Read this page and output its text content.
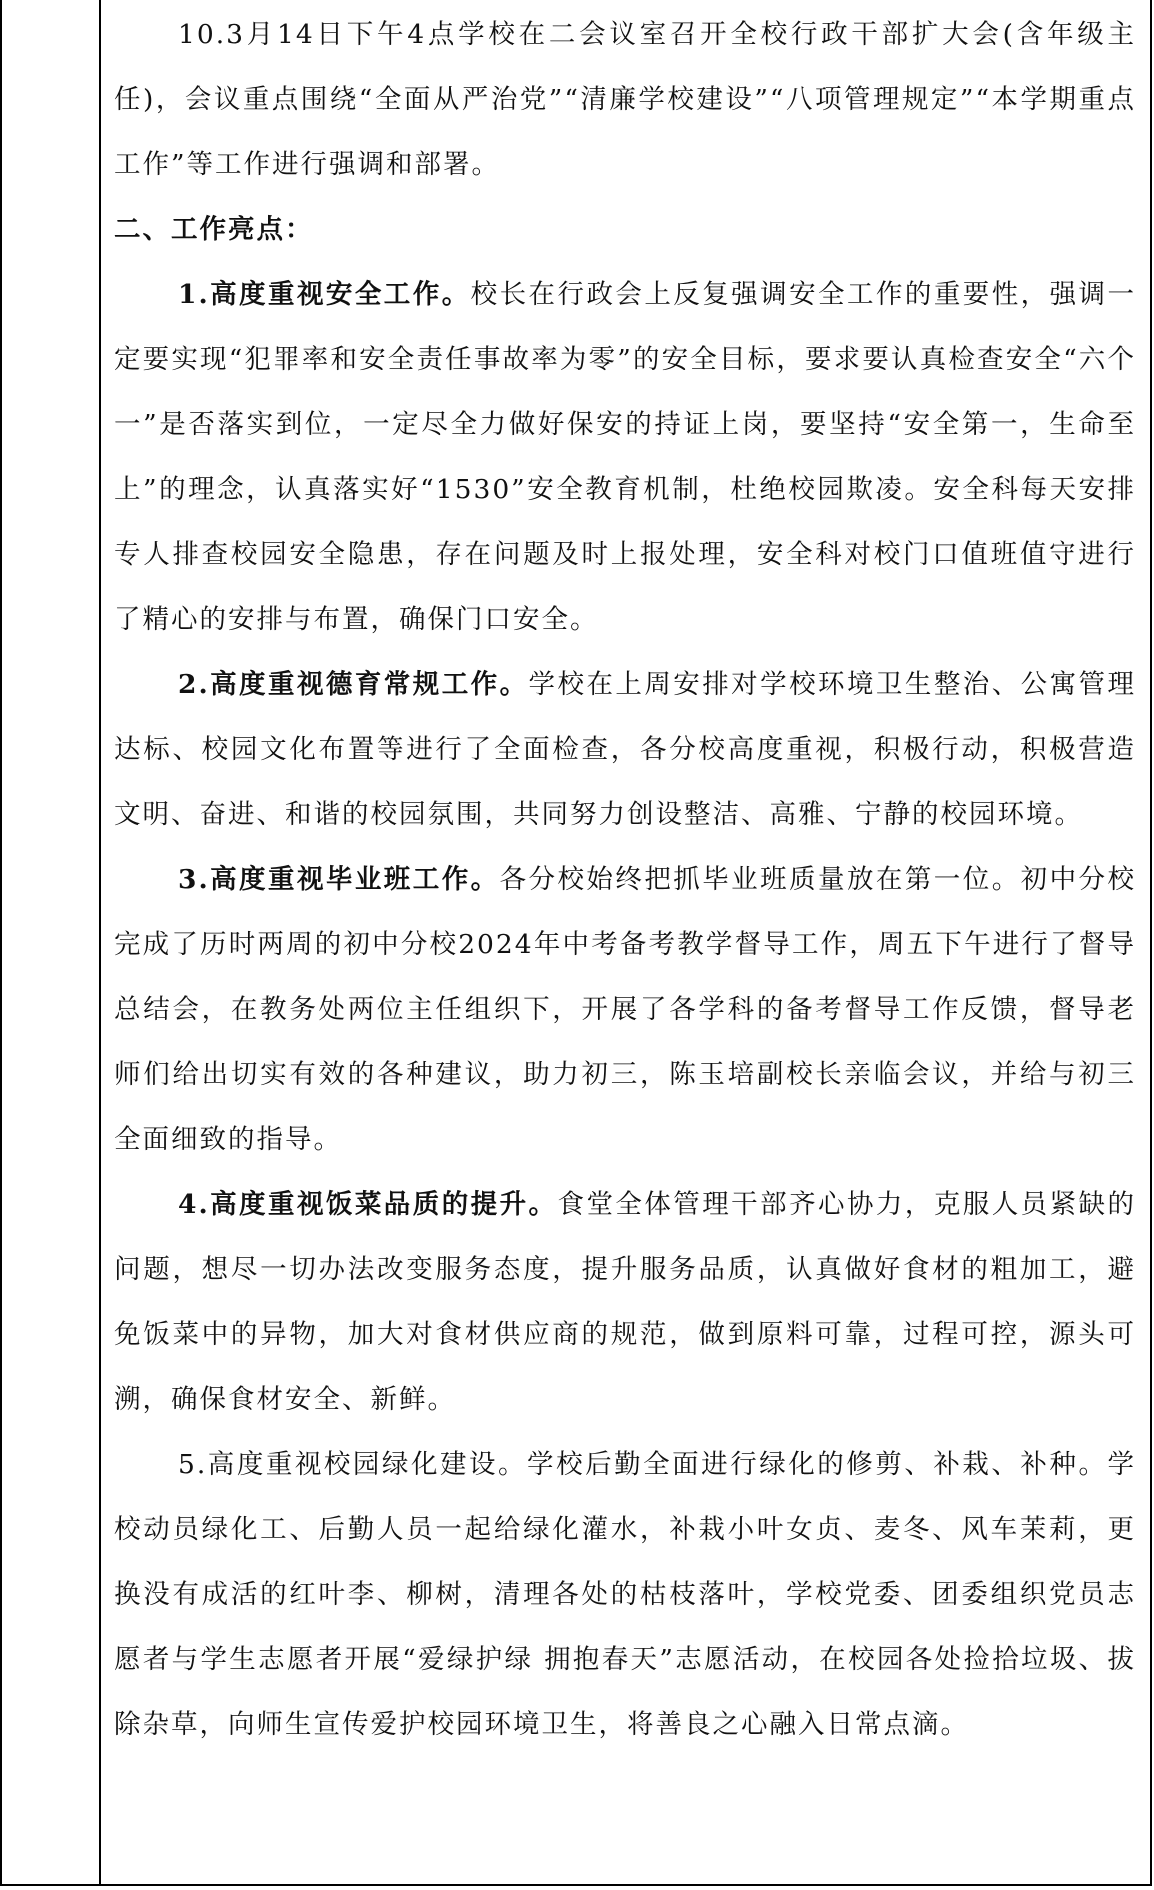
10.3月14日下午4点学校在二会议室召开全校行政干部扩大会(含年级主任)，会议重点围绕“全面从严治党”“清廉学校建设”“八项管理规定”“本学期重点工作”等工作进行强调和部署。

二、工作亮点：

1.高度重视安全工作。校长在行政会上反复强调安全工作的重要性，强调一定要实现“犯罪率和安全责任事故率为零”的安全目标，要求要认真检查安全“六个一”是否落实到位，一定尽全力做好保安的持证上岗，要坚持“安全第一，生命至上”的理念，认真落实好“1530”安全教育机制，杜绝校园欺凌。安全科每天安排专人排查校园安全隐患，存在问题及时上报处理，安全科对校门口值班值守进行了精心的安排与布置，确保门口安全。

2.高度重视德育常规工作。学校在上周安排对学校环境卫生整治、公寓管理达标、校园文化布置等进行了全面检查，各分校高度重视，积极行动，积极营造文明、奋进、和谐的校园氛围，共同努力创设整洁、高雅、宁静的校园环境。

3.高度重视毕业班工作。各分校始终把抓毕业班质量放在第一位。初中分校完成了历时两周的初中分校2024年中考备考教学督导工作，周五下午进行了督导总结会，在教务处两位主任组织下，开展了各学科的备考督导工作反馈，督导老师们给出切实有效的各种建议，助力初三，陈玉培副校长亲临会议，并给与初三全面细致的指导。

4.高度重视饭菜品质的提升。食堂全体管理干部齐心协力，克服人员紧缺的问题，想尽一切办法改变服务态度，提升服务品质，认真做好食材的粗加工，避免饭菜中的异物，加大对食材供应商的规范，做到原料可靠，过程可控，源头可溯，确保食材安全、新鲜。

5.高度重视校园绿化建设。学校后勤全面进行绿化的修剪、补栽、补种。学校动员绿化工、后勤人员一起给绿化灌水，补栽小叶女贞、麦冬、风车茉莉，更换没有成活的红叶李、柳树，清理各处的枯枝落叶，学校党委、团委组织党员志愿者与学生志愿者开展“爱绿护绿 拥抱春天”志愿活动，在校园各处捡拾垃圾、拔除杂草，向师生宣传爱护校园环境卫生，将善良之心融入日常点滴。
